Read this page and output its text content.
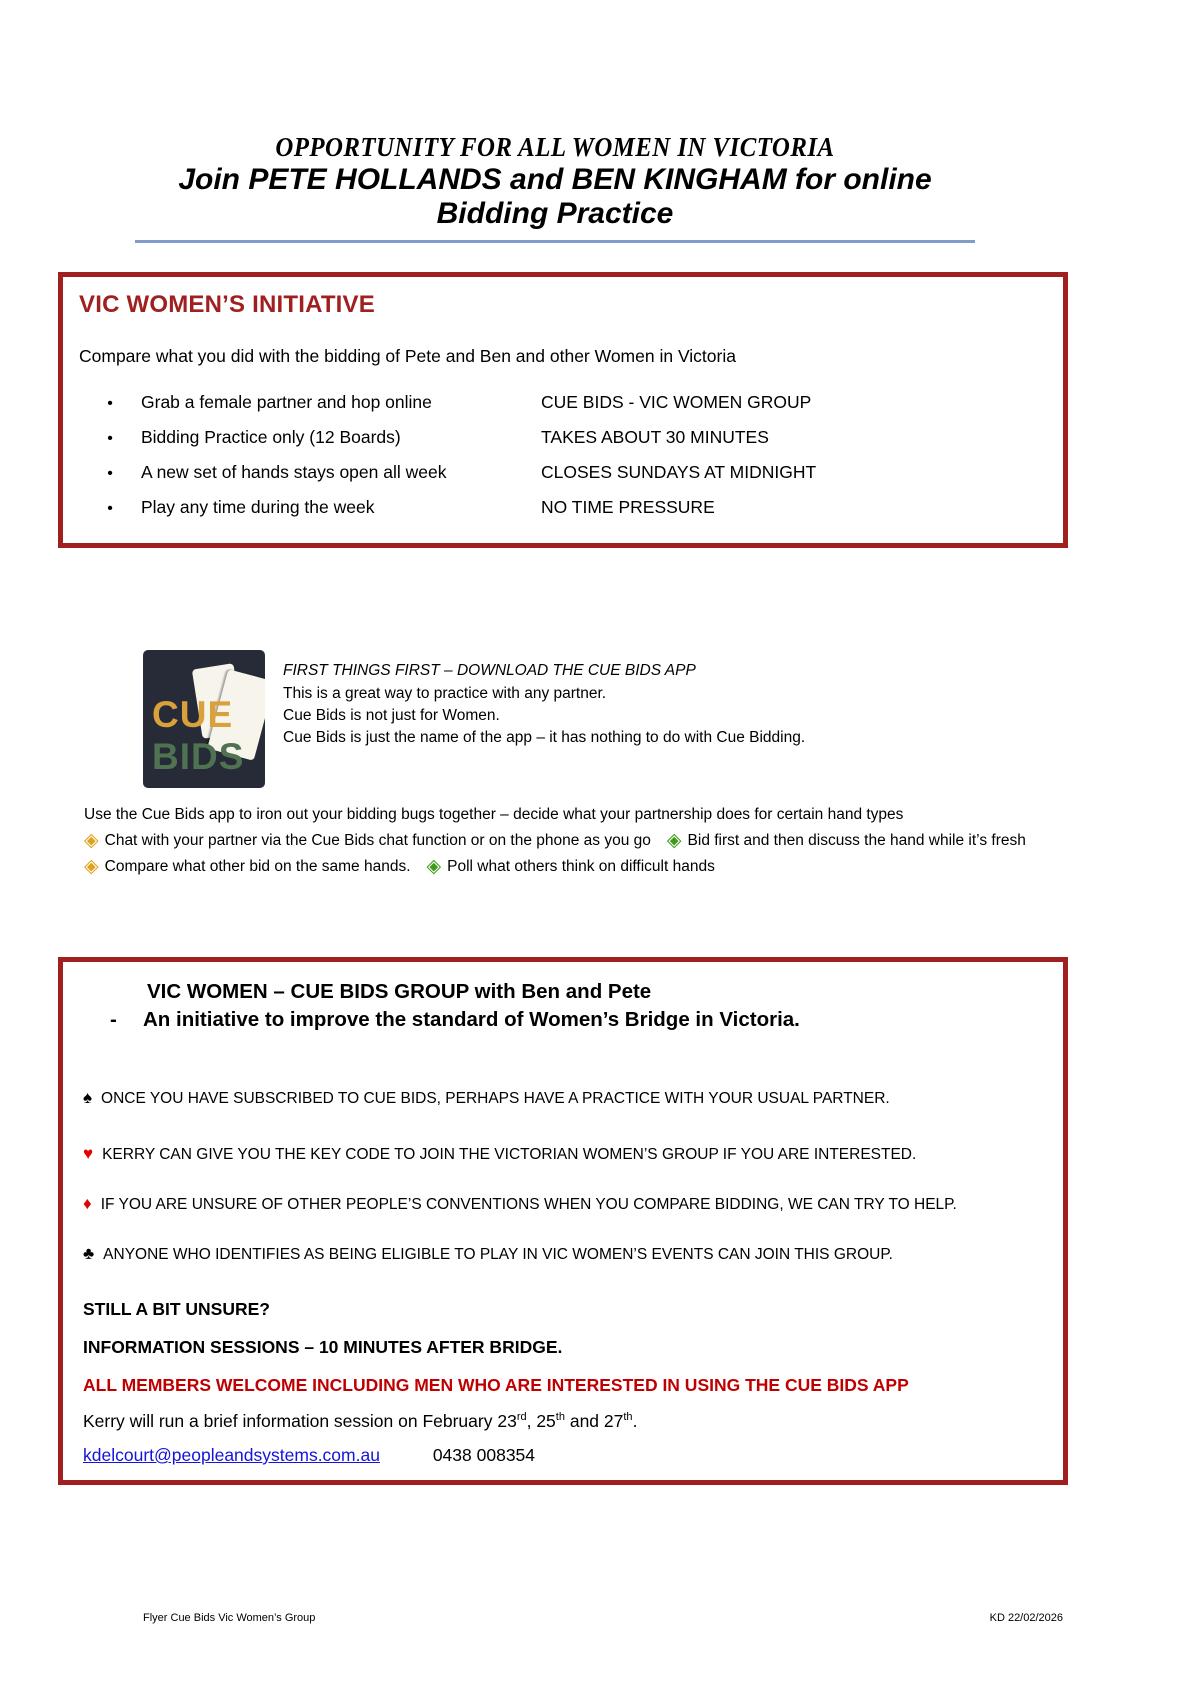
OPPORTUNITY FOR ALL WOMEN IN VICTORIA
Join PETE HOLLANDS and BEN KINGHAM for online
Bidding Practice
VIC WOMEN’S INITIATIVE

Compare what you did with the bidding of Pete and Ben and other Women in Victoria

•	Grab a female partner and hop online	CUE BIDS - VIC WOMEN GROUP
•	Bidding Practice only (12 Boards)	TAKES ABOUT 30 MINUTES
•	A new set of hands stays open all week	CLOSES SUNDAYS AT MIDNIGHT
•	Play any time during the week	NO TIME PRESSURE
CUE
BIDS
FIRST THINGS FIRST – DOWNLOAD THE CUE BIDS APP
This is a great way to practice with any partner.
Cue Bids is not just for Women.
Cue Bids is just the name of the app – it has nothing to do with Cue Bidding.

Use the Cue Bids app to iron out your bidding bugs together – decide what your partnership does for certain hand types

◈ Chat with your partner via the Cue Bids chat function or on the phone as you go ◈ Bid first and then discuss the hand while it’s fresh

◈ Compare what other bid on the same hands. ◈ Poll what others think on difficult hands

VIC WOMEN – CUE BIDS GROUP with Ben and Pete
-	An initiative to improve the standard of Women’s Bridge in Victoria.
♠ ONCE YOU HAVE SUBSCRIBED TO CUE BIDS, PERHAPS HAVE A PRACTICE WITH YOUR USUAL PARTNER.
♥ KERRY CAN GIVE YOU THE KEY CODE TO JOIN THE VICTORIAN WOMEN’S GROUP IF YOU ARE INTERESTED.
♦ IF YOU ARE UNSURE OF OTHER PEOPLE’S CONVENTIONS WHEN YOU COMPARE BIDDING, WE CAN TRY TO HELP.
♣ ANYONE WHO IDENTIFIES AS BEING ELIGIBLE TO PLAY IN VIC WOMEN’S EVENTS CAN JOIN THIS GROUP.
STILL A BIT UNSURE?
INFORMATION SESSIONS – 10 MINUTES AFTER BRIDGE.
ALL MEMBERS WELCOME INCLUDING MEN WHO ARE INTERESTED IN USING THE CUE BIDS APP

Kerry will run a brief information session on February 23rd, 25th and 27th.

kdelcourt@peopleandsystems.com.au	0438 008354

Flyer Cue Bids Vic Women’s Group	KD 22/02/2026
